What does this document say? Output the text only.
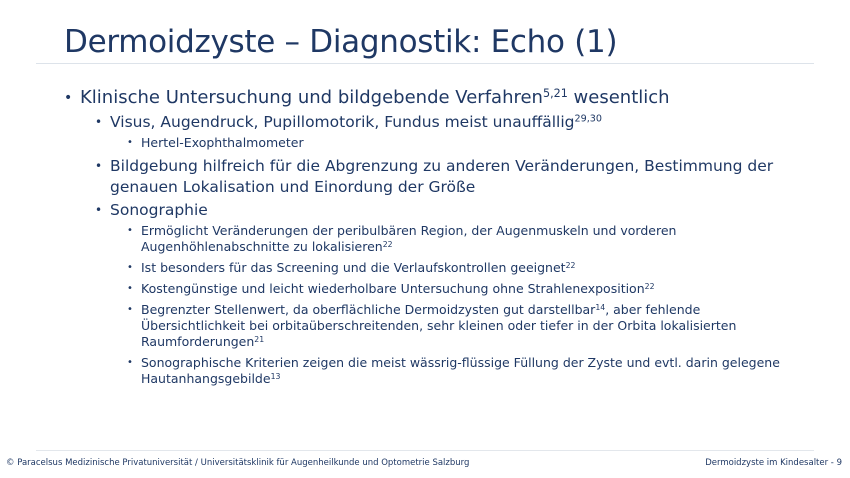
Dermoidzyste – Diagnostik: Echo (1)
• Klinische Untersuchung und bildgebende Verfahren$^{5,21}$ wesentlich
• Visus, Augendruck, Pupillomotorik, Fundus meist unauffällig$^{29,30}$
• Hertel-Exophthalmometer
• Bildgebung hilfreich für die Abgrenzung zu anderen Veränderungen, Bestimmung der genauen Lokalisation und Einordung der Größe
• Sonographie
• Ermöglicht Veränderungen der peribulbären Region, der Augenmuskeln und vorderen Augenhöhlenabschnitte zu lokalisieren$^{22}$
• Ist besonders für das Screening und die Verlaufskontrollen geeignet$^{22}$
• Kostengünstige und leicht wiederholbare Untersuchung ohne Strahlenexposition$^{22}$
• Begrenzter Stellenwert, da oberflächliche Dermoidzysten gut darstellbar$^{14}$, aber fehlende Übersichtlichkeit bei orbitaüberschreitenden, sehr kleinen oder tiefer in der Orbita lokalisierten Raumforderungen$^{21}$
• Sonographische Kriterien zeigen die meist wässrig-flüssige Füllung der Zyste und evtl. darin gelegene Hautanhangsgebilde$^{13}$
© Paracelsus Medizinische Privatuniversität / Universitätsklinik für Augenheilkunde und Optometrie Salzburg	Dermoidzyste im Kindesalter - 9
